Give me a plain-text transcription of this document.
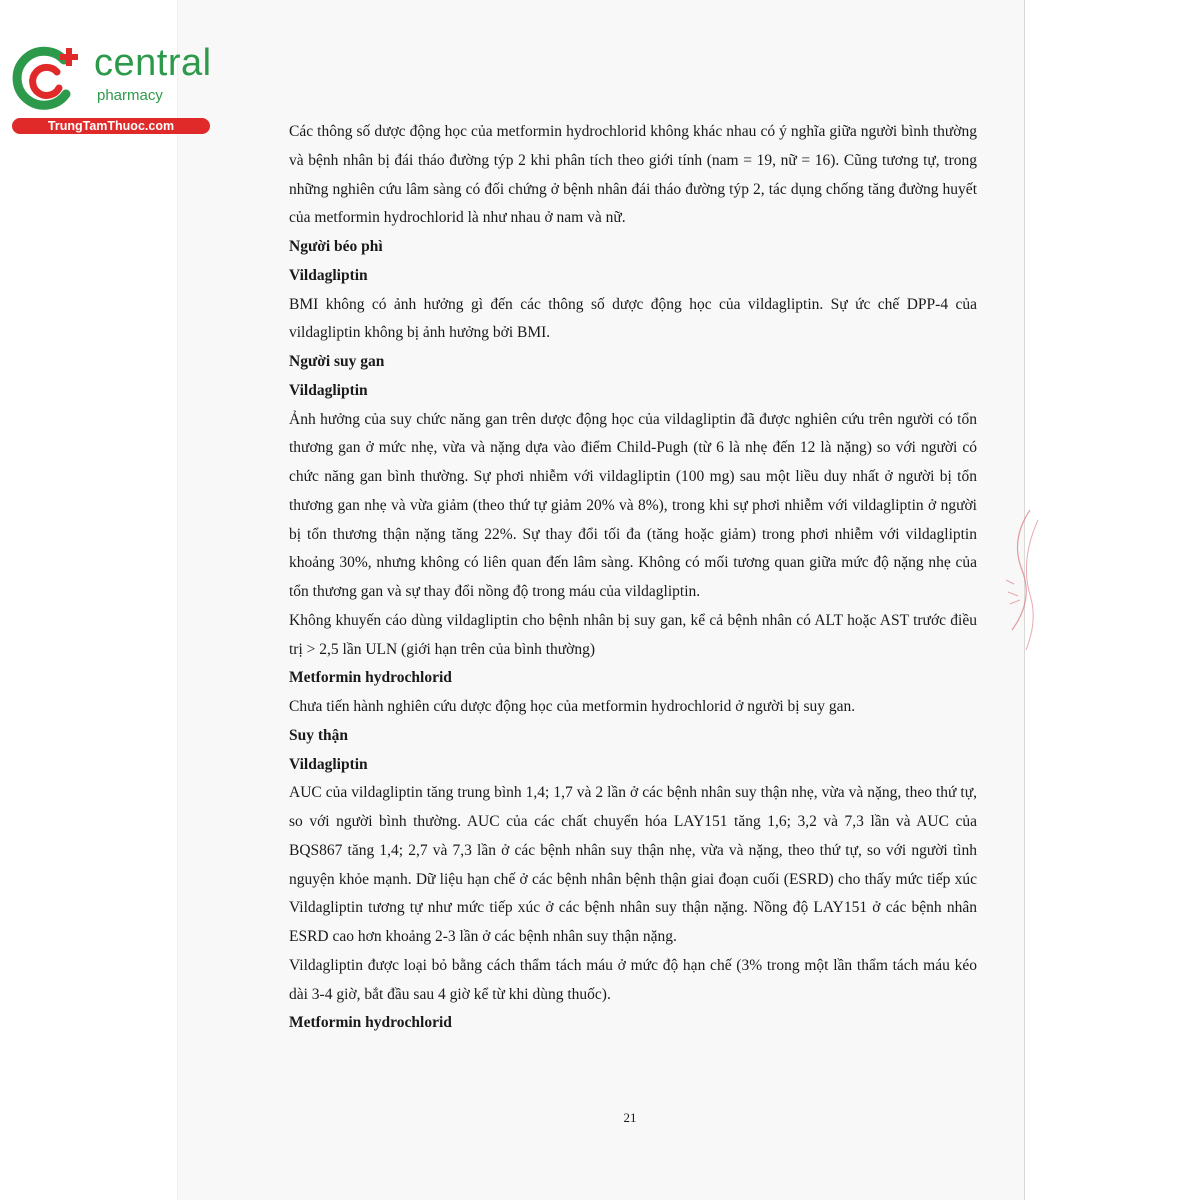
central
pharmacy
TrungTamThuoc.com	Các thông số dược động học của metformin hydrochlorid không khác nhau có ý nghĩa giữa người bình thường và bệnh nhân bị đái tháo đường týp 2 khi phân tích theo giới tính (nam = 19, nữ = 16). Cũng tương tự, trong những nghiên cứu lâm sàng có đối chứng ở bệnh nhân đái tháo đường týp 2, tác dụng chống tăng đường huyết của metformin hydrochlorid là như nhau ở nam và nữ.

Người béo phì

Vildagliptin

BMI không có ảnh hưởng gì đến các thông số dược động học của vildagliptin. Sự ức chế DPP-4 của vildagliptin không bị ảnh hưởng bởi BMI.

Người suy gan

Vildagliptin

Ảnh hưởng của suy chức năng gan trên dược động học của vildagliptin đã được nghiên cứu trên người có tổn thương gan ở mức nhẹ, vừa và nặng dựa vào điểm Child-Pugh (từ 6 là nhẹ đến 12 là nặng) so với người có chức năng gan bình thường. Sự phơi nhiễm với vildagliptin (100 mg) sau một liều duy nhất ở người bị tổn thương gan nhẹ và vừa giảm (theo thứ tự giảm 20% và 8%), trong khi sự phơi nhiễm với vildagliptin ở người bị tổn thương thận nặng tăng 22%. Sự thay đổi tối đa (tăng hoặc giảm) trong phơi nhiễm với vildagliptin khoảng 30%, nhưng không có liên quan đến lâm sàng. Không có mối tương quan giữa mức độ nặng nhẹ của tổn thương gan và sự thay đổi nồng độ trong máu của vildagliptin.

Không khuyến cáo dùng vildagliptin cho bệnh nhân bị suy gan, kể cả bệnh nhân có ALT hoặc AST trước điều trị > 2,5 lần ULN (giới hạn trên của bình thường)

Metformin hydrochlorid

Chưa tiến hành nghiên cứu dược động học của metformin hydrochlorid ở người bị suy gan.

Suy thận

Vildagliptin

AUC của vildagliptin tăng trung bình 1,4; 1,7 và 2 lần ở các bệnh nhân suy thận nhẹ, vừa và nặng, theo thứ tự, so với người bình thường. AUC của các chất chuyển hóa LAY151 tăng 1,6; 3,2 và 7,3 lần và AUC của BQS867 tăng 1,4; 2,7 và 7,3 lần ở các bệnh nhân suy thận nhẹ, vừa và nặng, theo thứ tự, so với người tình nguyện khỏe mạnh. Dữ liệu hạn chế ở các bệnh nhân bệnh thận giai đoạn cuối (ESRD) cho thấy mức tiếp xúc Vildagliptin tương tự như mức tiếp xúc ở các bệnh nhân suy thận nặng. Nồng độ LAY151 ở các bệnh nhân ESRD cao hơn khoảng 2-3 lần ở các bệnh nhân suy thận nặng.

Vildagliptin được loại bỏ bằng cách thẩm tách máu ở mức độ hạn chế (3% trong một lần thẩm tách máu kéo dài 3-4 giờ, bắt đầu sau 4 giờ kể từ khi dùng thuốc).

Metformin hydrochlorid

21
